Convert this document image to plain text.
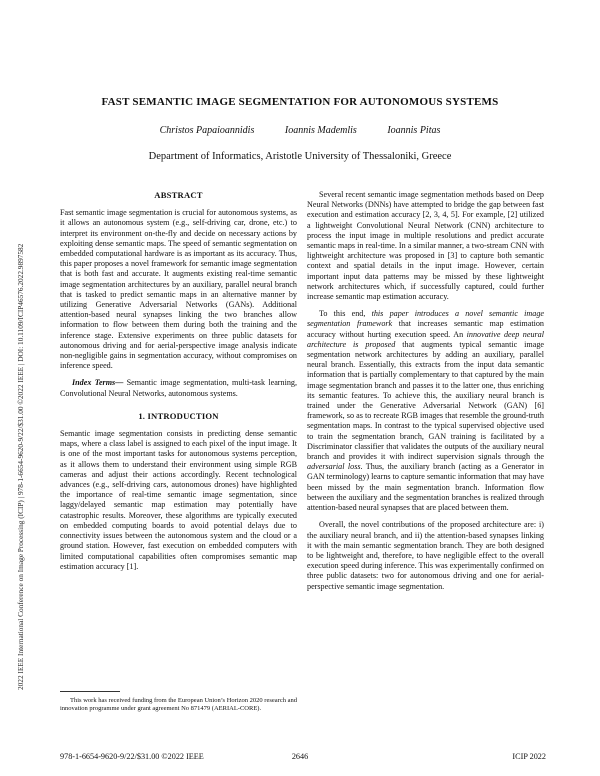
2022 IEEE International Conference on Image Processing (ICIP) | 978-1-6654-9620-9/22/$31.00 ©2022 IEEE | DOI: 10.1109/ICIP46576.2022.9897582
FAST SEMANTIC IMAGE SEGMENTATION FOR AUTONOMOUS SYSTEMS
Christos Papaioannidis	Ioannis Mademlis	Ioannis Pitas
Department of Informatics, Aristotle University of Thessaloniki, Greece
ABSTRACT

Fast semantic image segmentation is crucial for autonomous systems, as it allows an autonomous system (e.g., self-driving car, drone, etc.) to interpret its environment on-the-fly and decide on necessary actions by exploiting dense semantic maps. The speed of semantic segmentation on embedded computational hardware is as important as its accuracy. Thus, this paper proposes a novel framework for semantic image segmentation that is both fast and accurate. It augments existing real-time semantic image segmentation architectures by an auxiliary, parallel neural branch that is tasked to predict semantic maps in an alternative manner by utilizing Generative Adversarial Networks (GANs). Additional attention-based neural synapses linking the two branches allow information to flow between them during both the training and the inference stage. Extensive experiments on three public datasets for autonomous driving and for aerial-perspective image analysis indicate non-negligible gains in segmentation accuracy, without compromises on inference speed.

Index Terms— Semantic image segmentation, multi-task learning, Convolutional Neural Networks, autonomous systems.

1. INTRODUCTION

Semantic image segmentation consists in predicting dense semantic maps, where a class label is assigned to each pixel of the input image. It is one of the most important tasks for autonomous systems perception, as it allows them to understand their environment using simple RGB cameras and adjust their actions accordingly. Recent technological advances (e.g., self-driving cars, autonomous drones) have highlighted the importance of real-time semantic image segmentation, since laggy/delayed semantic map estimation may potentially have catastrophic results. Moreover, these algorithms are typically executed on embedded computing boards to avoid potential delays due to connectivity issues between the autonomous system and the cloud or a ground station. However, fast execution on embedded computers with limited computational capabilities often compromises semantic map estimation accuracy [1].

This work has received funding from the European Union’s Horizon 2020 research and innovation programme under grant agreement No 871479 (AERIAL-CORE).

Several recent semantic image segmentation methods based on Deep Neural Networks (DNNs) have attempted to bridge the gap between fast execution and estimation accuracy [2, 3, 4, 5]. For example, [2] utilized a lightweight Convolutional Neural Network (CNN) architecture to process the input image in multiple resolutions and predict accurate semantic maps in real-time. In a similar manner, a two-stream CNN with lightweight architecture was proposed in [3] to capture both semantic context and spatial details in the input image. However, certain important input data patterns may be missed by these lightweight network architectures which, if successfully captured, could further increase semantic map estimation accuracy.

To this end, this paper introduces a novel semantic image segmentation framework that increases semantic map estimation accuracy without hurting execution speed. An innovative deep neural architecture is proposed that augments typical semantic image segmentation network architectures by adding an auxiliary, parallel neural branch. Essentially, this extracts from the input data semantic information that is partially complementary to that captured by the main image segmentation branch and passes it to the latter one, thus enriching its semantic features. To achieve this, the auxiliary neural branch is trained under the Generative Adversarial Network (GAN) [6] framework, so as to recreate RGB images that resemble the ground-truth segmentation maps. In contrast to the typical supervised objective used to train the segmentation branch, GAN training is facilitated by a Discriminator classifier that validates the outputs of the auxiliary neural branch and provides it with indirect supervision signals through the adversarial loss. Thus, the auxiliary branch (acting as a Generator in GAN terminology) learns to capture semantic information that may have been missed by the main segmentation branch. Information flow between the auxiliary and the segmentation branches is realized through attention-based neural synapses that are placed between them.

Overall, the novel contributions of the proposed architecture are: i) the auxiliary neural branch, and ii) the attention-based synapses linking it with the main semantic segmentation branch. They are both designed to be lightweight and, therefore, to have negligible effect to the overall execution speed during inference. This was experimentally confirmed on three public datasets: two for autonomous driving and one for aerial-perspective semantic image segmentation.

978-1-6654-9620-9/22/$31.00 ©2022 IEEE	2646	ICIP 2022
